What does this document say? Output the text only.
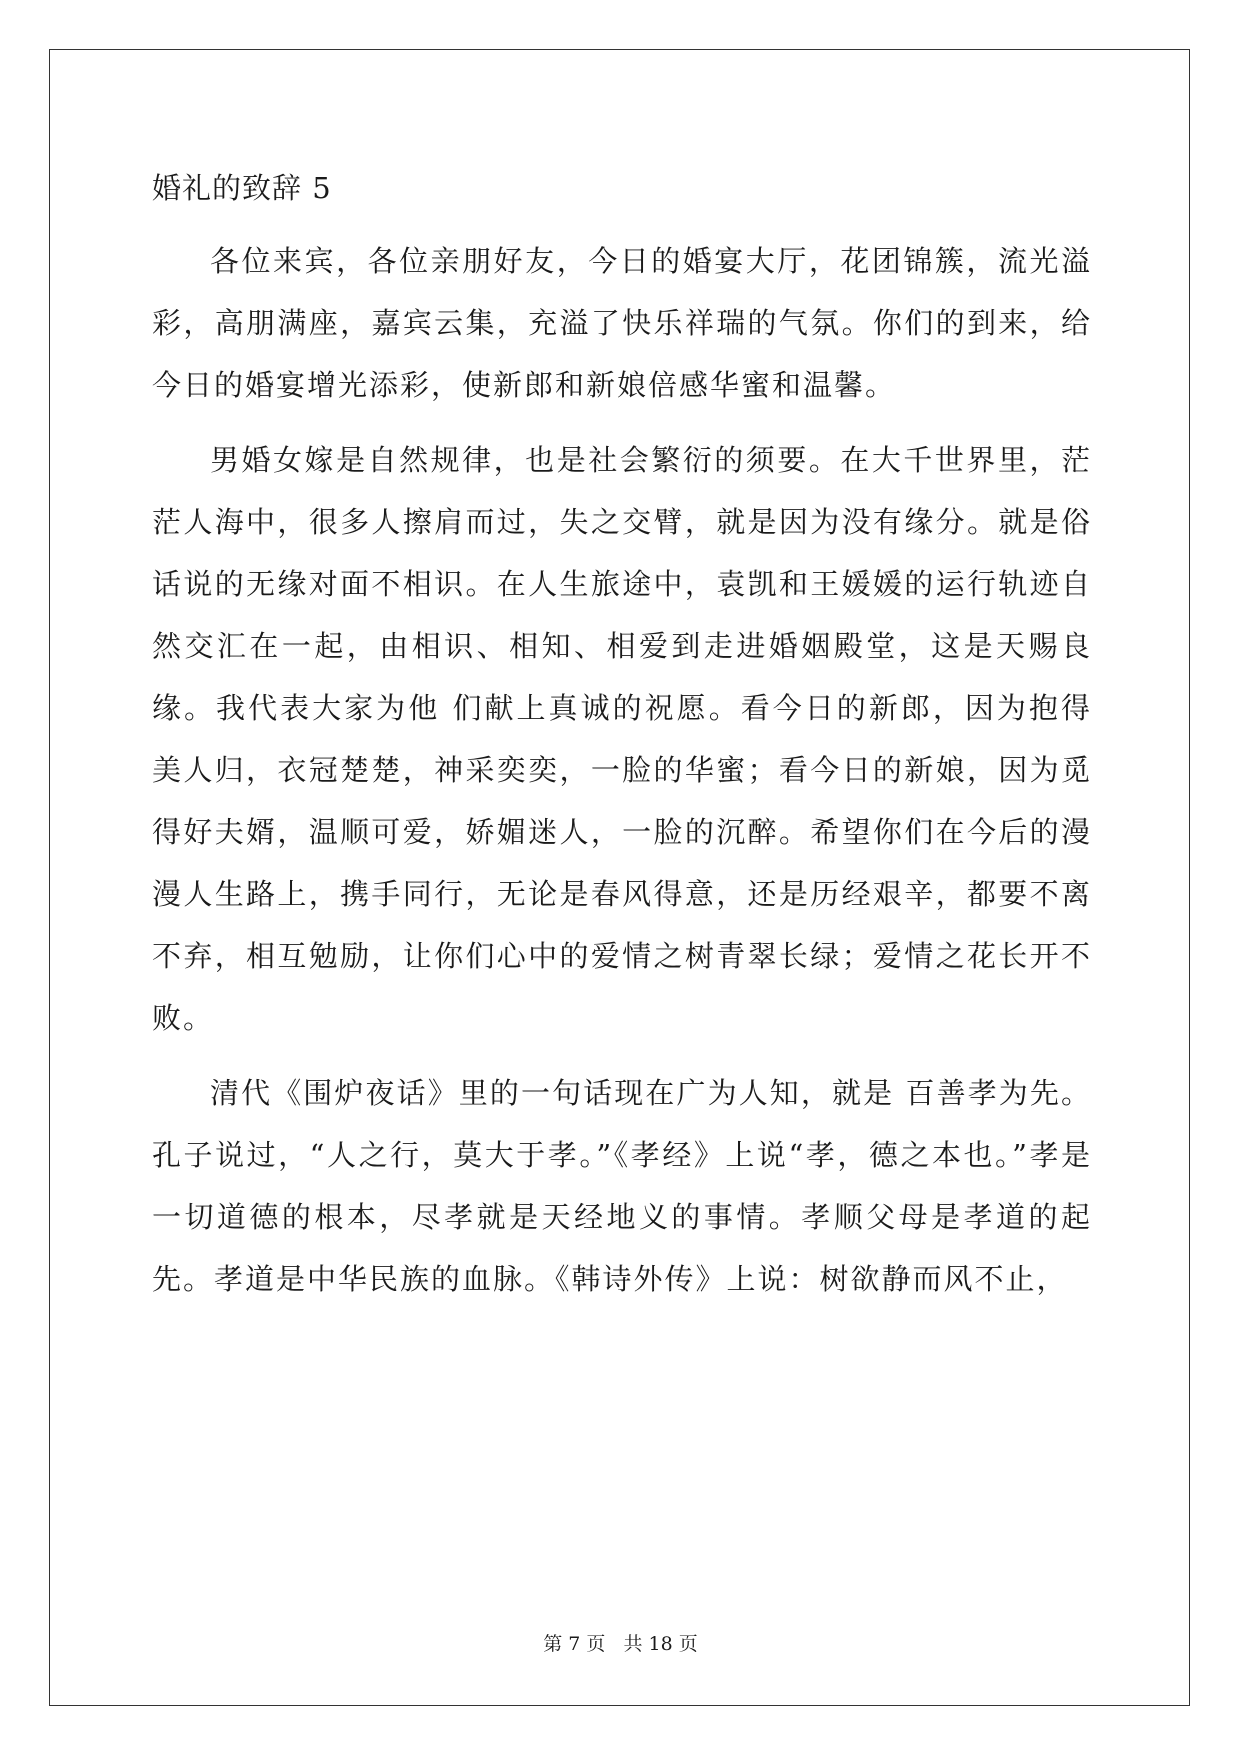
婚礼的致辞 5

各位来宾，各位亲朋好友，今日的婚宴大厅，花团锦簇，流光溢彩，高朋满座，嘉宾云集，充溢了快乐祥瑞的气氛。你们的到来，给今日的婚宴增光添彩，使新郎和新娘倍感华蜜和温馨。

男婚女嫁是自然规律，也是社会繁衍的须要。在大千世界里，茫茫人海中，很多人擦肩而过，失之交臂，就是因为没有缘分。就是俗话说的无缘对面不相识。在人生旅途中，袁凯和王媛媛的运行轨迹自然交汇在一起，由相识、相知、相爱到走进婚姻殿堂，这是天赐良缘。我代表大家为他 们献上真诚的祝愿。看今日的新郎，因为抱得美人归，衣冠楚楚，神采奕奕，一脸的华蜜；看今日的新娘，因为觅得好夫婿，温顺可爱，娇媚迷人，一脸的沉醉。希望你们在今后的漫漫人生路上，携手同行，无论是春风得意，还是历经艰辛，都要不离不弃，相互勉励，让你们心中的爱情之树青翠长绿；爱情之花长开不败。

清代《围炉夜话》里的一句话现在广为人知，就是 百善孝为先。孔子说过，“人之行，莫大于孝。”《孝经》上说“孝，德之本也。”孝是一切道德的根本，尽孝就是天经地义的事情。孝顺父母是孝道的起先。孝道是中华民族的血脉。《韩诗外传》上说：树欲静而风不止，

第 7 页   共 18 页
